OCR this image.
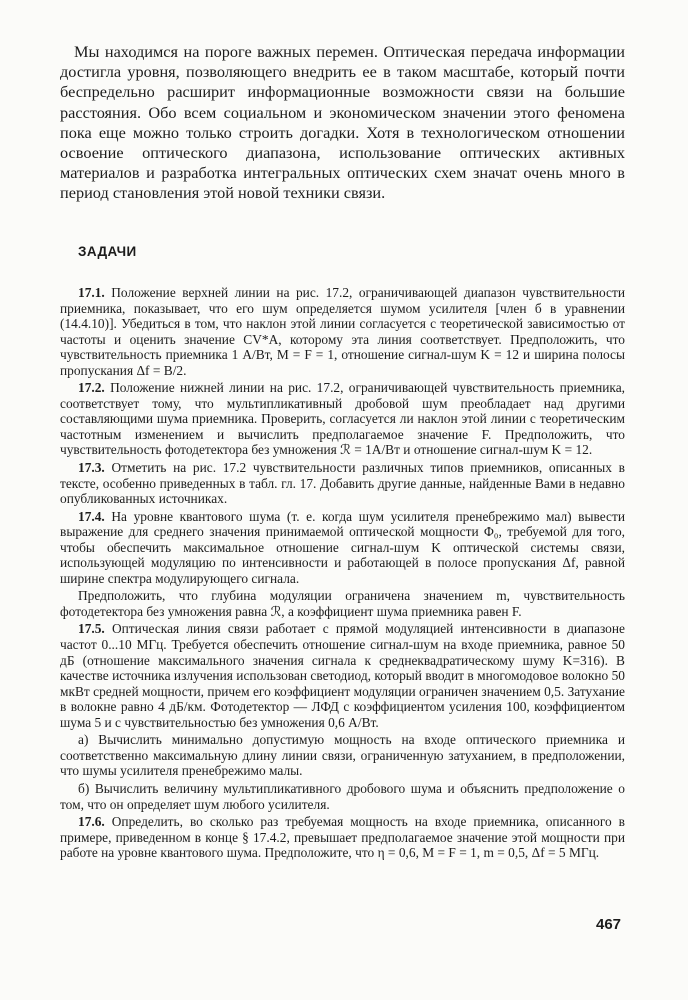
Мы находимся на пороге важных перемен. Оптическая передача информации достигла уровня, позволяющего внедрить ее в таком масштабе, который почти беспредельно расширит информационные возможности связи на большие расстояния. Обо всем социальном и экономическом значении этого феномена пока еще можно только строить догадки. Хотя в технологическом отношении освоение оптического диапазона, использование оптических активных материалов и разработка интегральных оптических схем значат очень много в период становления этой новой техники связи.

ЗАДАЧИ

17.1. Положение верхней линии на рис. 17.2, ограничивающей диапазон чувствительности приемника, показывает, что его шум определяется шумом усилителя [член б в уравнении (14.4.10)]. Убедиться в том, что наклон этой линии согласуется с теоретической зависимостью от частоты и оценить значение CV*A, которому эта линия соответствует. Предположить, что чувствительность приемника 1 А/Вт, M = F = 1, отношение сигнал-шум K = 12 и ширина полосы пропускания Δf = B/2.

17.2. Положение нижней линии на рис. 17.2, ограничивающей чувствительность приемника, соответствует тому, что мультипликативный дробовой шум преобладает над другими составляющими шума приемника. Проверить, согласуется ли наклон этой линии с теоретическим частотным изменением и вычислить предполагаемое значение F. Предположить, что чувствительность фотодетектора без умножения ℛ = 1А/Вт и отношение сигнал-шум K = 12.

17.3. Отметить на рис. 17.2 чувствительности различных типов приемников, описанных в тексте, особенно приведенных в табл. гл. 17. Добавить другие данные, найденные Вами в недавно опубликованных источниках.

17.4. На уровне квантового шума (т. е. когда шум усилителя пренебрежимо мал) вывести выражение для среднего значения принимаемой оптической мощности Φ₀, требуемой для того, чтобы обеспечить максимальное отношение сигнал-шум K оптической системы связи, использующей модуляцию по интенсивности и работающей в полосе пропускания Δf, равной ширине спектра модулирующего сигнала.

Предположить, что глубина модуляции ограничена значением m, чувствительность фотодетектора без умножения равна ℛ, а коэффициент шума приемника равен F.

17.5. Оптическая линия связи работает с прямой модуляцией интенсивности в диапазоне частот 0...10 МГц. Требуется обеспечить отношение сигнал-шум на входе приемника, равное 50 дБ (отношение максимального значения сигнала к среднеквадратическому шуму K=316). В качестве источника излучения использован светодиод, который вводит в многомодовое волокно 50 мкВт средней мощности, причем его коэффициент модуляции ограничен значением 0,5. Затухание в волокне равно 4 дБ/км. Фотодетектор — ЛФД с коэффициентом усиления 100, коэффициентом шума 5 и с чувствительностью без умножения 0,6 А/Вт.

а) Вычислить минимально допустимую мощность на входе оптического приемника и соответственно максимальную длину линии связи, ограниченную затуханием, в предположении, что шумы усилителя пренебрежимо малы.

б) Вычислить величину мультипликативного дробового шума и объяснить предположение о том, что он определяет шум любого усилителя.

17.6. Определить, во сколько раз требуемая мощность на входе приемника, описанного в примере, приведенном в конце § 17.4.2, превышает предполагаемое значение этой мощности при работе на уровне квантового шума. Предположите, что η = 0,6, M = F = 1, m = 0,5, Δf = 5 МГц.

467
